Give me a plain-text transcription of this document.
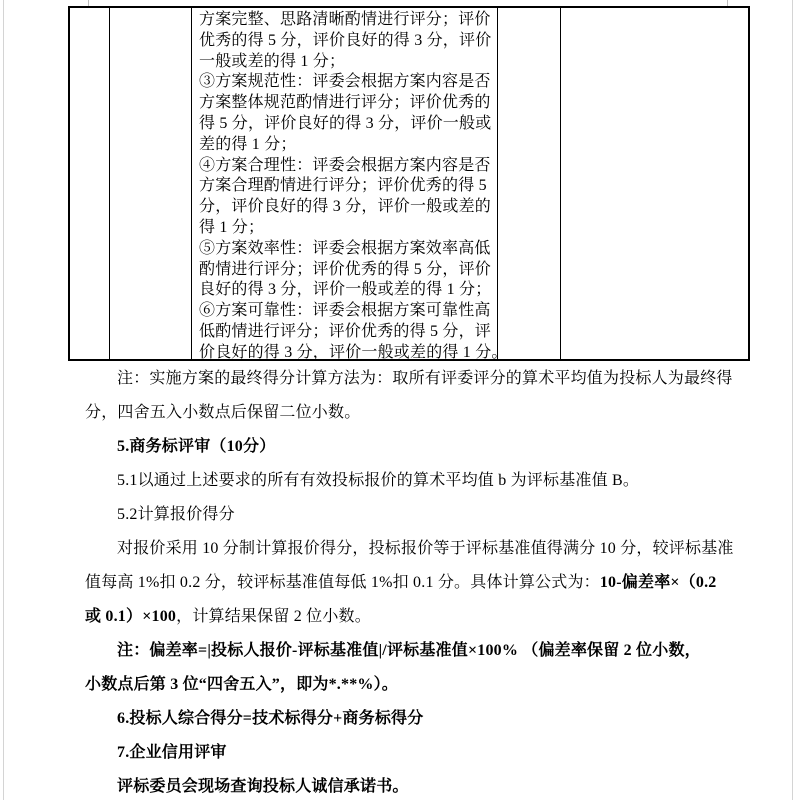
方案完整、思路清晰酌情进行评分；评价
优秀的得 5 分，评价良好的得 3 分，评价
一般或差的得 1 分；
③方案规范性：评委会根据方案内容是否
方案整体规范酌情进行评分；评价优秀的
得 5 分，评价良好的得 3 分，评价一般或
差的得 1 分；
④方案合理性：评委会根据方案内容是否
方案合理酌情进行评分；评价优秀的得 5
分，评价良好的得 3 分，评价一般或差的
得 1 分；
⑤方案效率性：评委会根据方案效率高低
酌情进行评分；评价优秀的得 5 分，评价
良好的得 3 分，评价一般或差的得 1 分；
⑥方案可靠性：评委会根据方案可靠性高
低酌情进行评分；评价优秀的得 5 分，评
价良好的得 3 分，评价一般或差的得 1 分。
注：实施方案的最终得分计算方法为：取所有评委评分的算术平均值为投标人为最终得
分，四舍五入小数点后保留二位小数。
5.商务标评审（10分）
5.1以通过上述要求的所有有效投标报价的算术平均值 b 为评标基准值 B。
5.2计算报价得分
对报价采用 10 分制计算报价得分，投标报价等于评标基准值得满分 10 分，较评标基准
值每高 1%扣 0.2 分，较评标基准值每低 1%扣 0.1 分。具体计算公式为：10-偏差率×（0.2
或 0.1）×100，计算结果保留 2 位小数。
注：偏差率=|投标人报价-评标基准值|/评标基准值×100% （偏差率保留 2 位小数，
小数点后第 3 位“四舍五入”，即为*.**%）。
6.投标人综合得分=技术标得分+商务标得分
7.企业信用评审
评标委员会现场查询投标人诚信承诺书。
